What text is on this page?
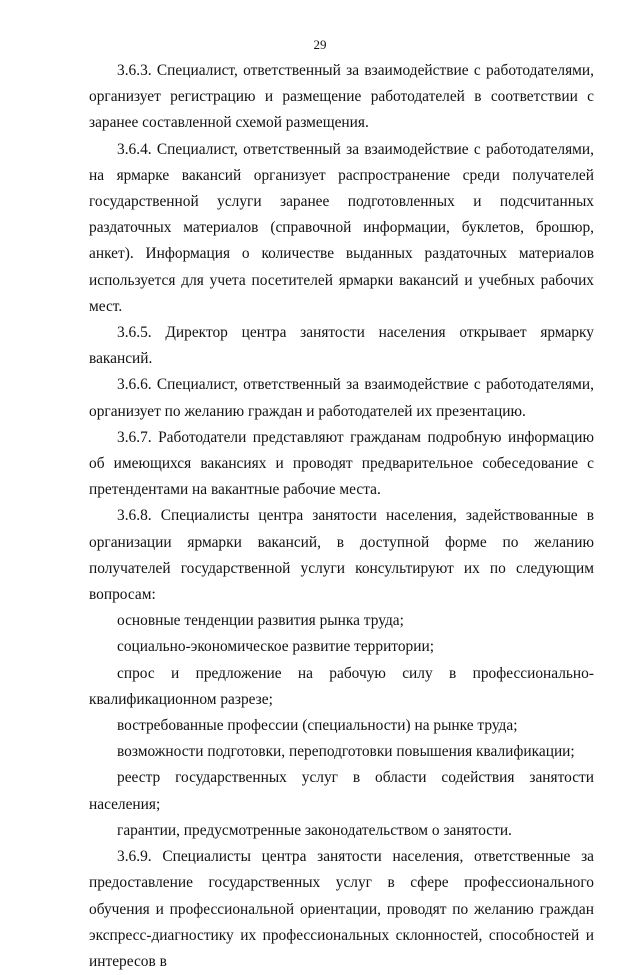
29

3.6.3. Специалист, ответственный за взаимодействие с работодателями, организует регистрацию и размещение работодателей в соответствии с заранее составленной схемой размещения.

3.6.4. Специалист, ответственный за взаимодействие с работодателями, на ярмарке вакансий организует распространение среди получателей государственной услуги заранее подготовленных и подсчитанных раздаточных материалов (справочной информации, буклетов, брошюр, анкет). Информация о количестве выданных раздаточных материалов используется для учета посетителей ярмарки вакансий и учебных рабочих мест.

3.6.5. Директор центра занятости населения открывает ярмарку вакансий.

3.6.6. Специалист, ответственный за взаимодействие с работодателями, организует по желанию граждан и работодателей их презентацию.

3.6.7. Работодатели представляют гражданам подробную информацию об имеющихся вакансиях и проводят предварительное собеседование с претендентами на вакантные рабочие места.

3.6.8. Специалисты центра занятости населения, задействованные в организации ярмарки вакансий, в доступной форме по желанию получателей государственной услуги консультируют их по следующим вопросам:

основные тенденции развития рынка труда;

социально-экономическое развитие территории;

спрос и предложение на рабочую силу в профессионально-квалификационном разрезе;

востребованные профессии (специальности) на рынке труда;

возможности подготовки, переподготовки повышения квалификации;

реестр государственных услуг в области содействия занятости населения;

гарантии, предусмотренные законодательством о занятости.

3.6.9. Специалисты центра занятости населения, ответственные за предоставление государственных услуг в сфере профессионального обучения и профессиональной ориентации, проводят по желанию граждан экспресс-диагностику их профессиональных склонностей, способностей и интересов в
